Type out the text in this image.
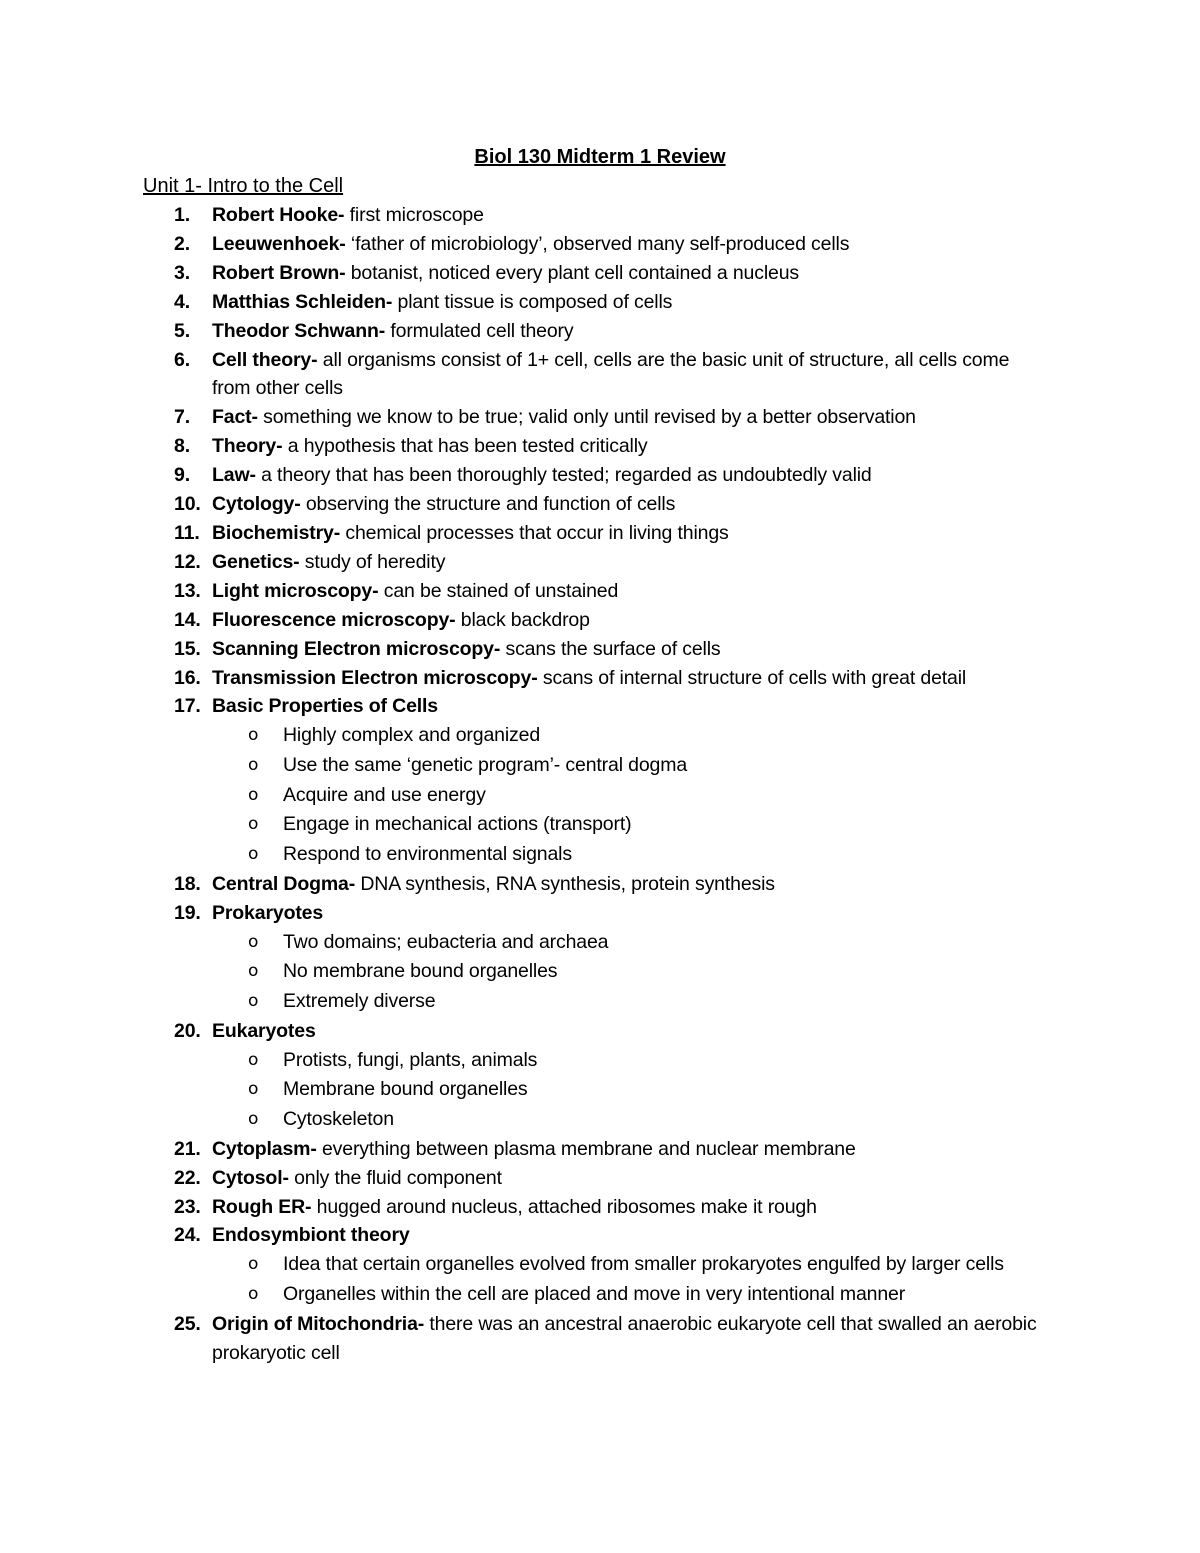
Biol 130 Midterm 1 Review
Unit 1- Intro to the Cell
1. Robert Hooke- first microscope
2. Leeuwenhoek- ‘father of microbiology’, observed many self-produced cells
3. Robert Brown- botanist, noticed every plant cell contained a nucleus
4. Matthias Schleiden- plant tissue is composed of cells
5. Theodor Schwann- formulated cell theory
6. Cell theory- all organisms consist of 1+ cell, cells are the basic unit of structure, all cells come from other cells
7. Fact- something we know to be true; valid only until revised by a better observation
8. Theory- a hypothesis that has been tested critically
9. Law- a theory that has been thoroughly tested; regarded as undoubtedly valid
10. Cytology- observing the structure and function of cells
11. Biochemistry- chemical processes that occur in living things
12. Genetics- study of heredity
13. Light microscopy- can be stained of unstained
14. Fluorescence microscopy- black backdrop
15. Scanning Electron microscopy- scans the surface of cells
16. Transmission Electron microscopy- scans of internal structure of cells with great detail
17. Basic Properties of Cells
o Highly complex and organized
o Use the same ‘genetic program’- central dogma
o Acquire and use energy
o Engage in mechanical actions (transport)
o Respond to environmental signals
18. Central Dogma- DNA synthesis, RNA synthesis, protein synthesis
19. Prokaryotes
o Two domains; eubacteria and archaea
o No membrane bound organelles
o Extremely diverse
20. Eukaryotes
o Protists, fungi, plants, animals
o Membrane bound organelles
o Cytoskeleton
21. Cytoplasm- everything between plasma membrane and nuclear membrane
22. Cytosol- only the fluid component
23. Rough ER- hugged around nucleus, attached ribosomes make it rough
24. Endosymbiont theory
o Idea that certain organelles evolved from smaller prokaryotes engulfed by larger cells
o Organelles within the cell are placed and move in very intentional manner
25. Origin of Mitochondria- there was an ancestral anaerobic eukaryote cell that swalled an aerobic prokaryotic cell
